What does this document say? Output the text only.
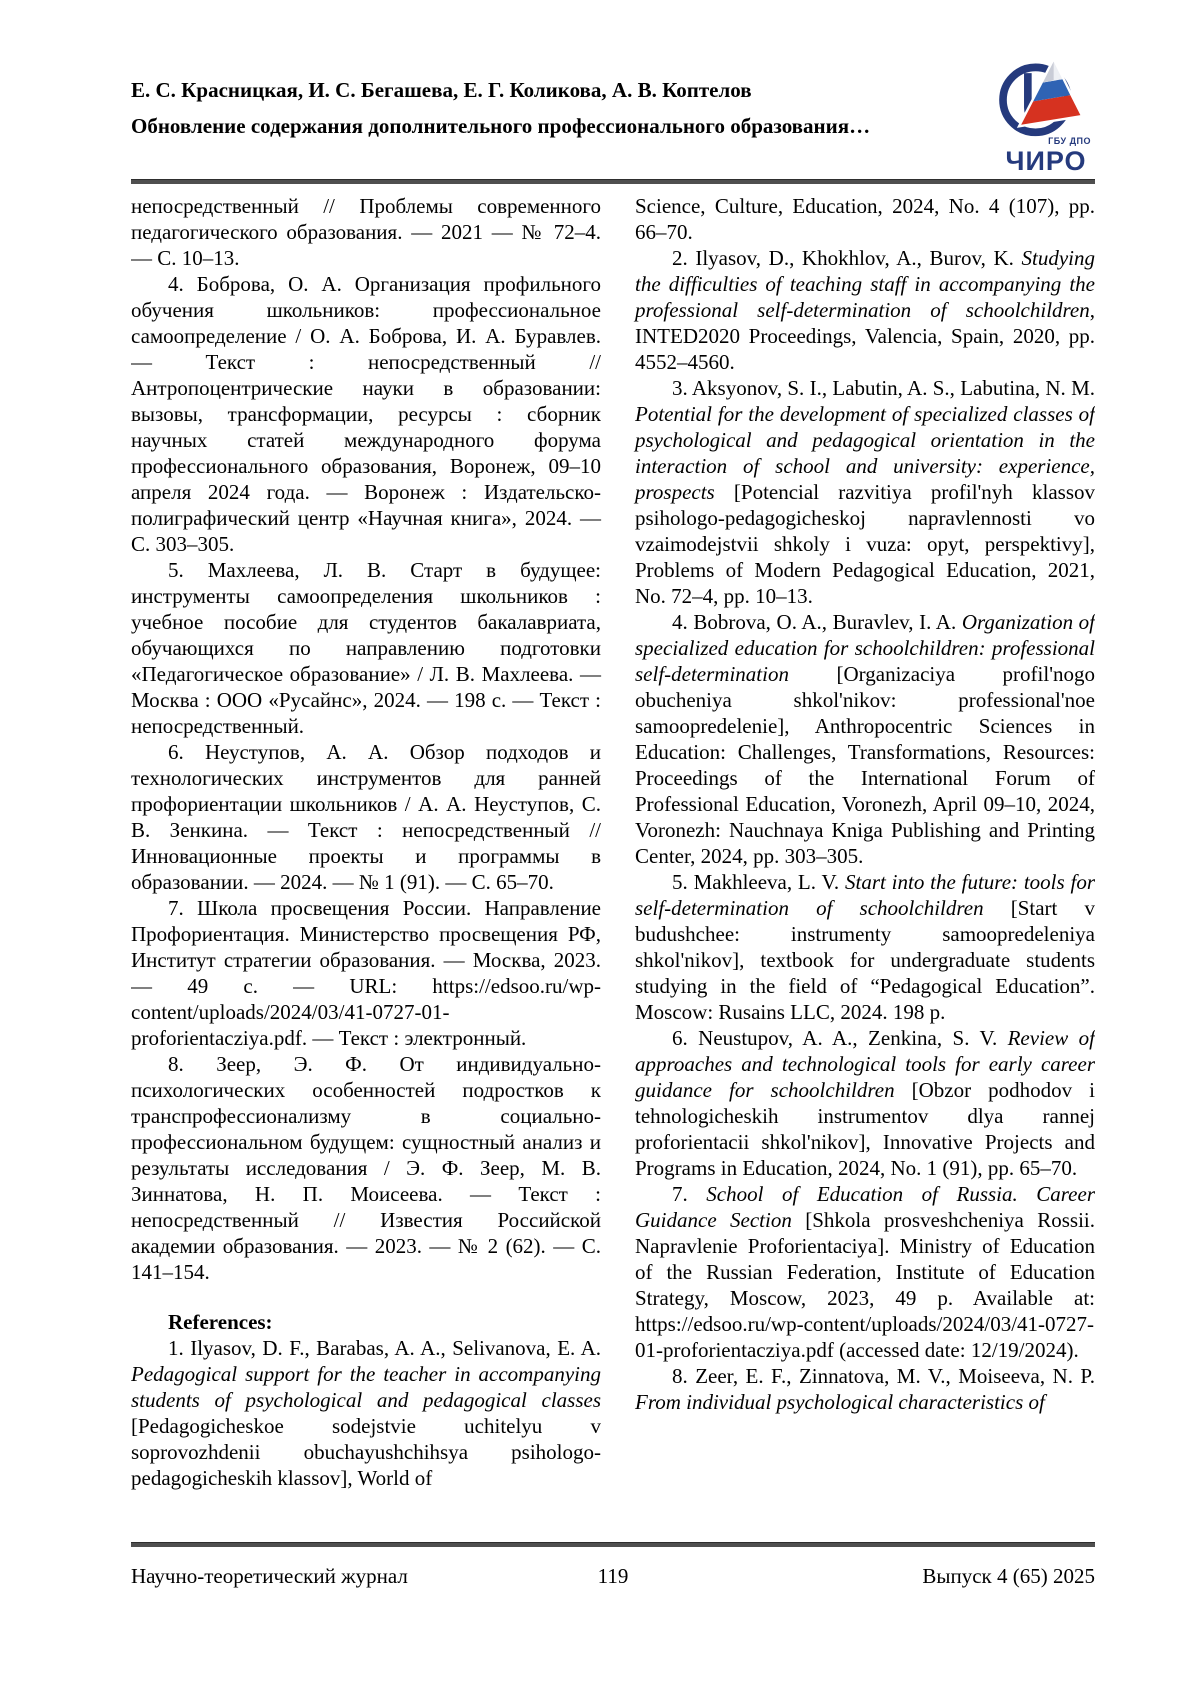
Е. С. Красницкая, И. С. Бегашева, Е. Г. Коликова, А. В. Коптелов
Обновление содержания дополнительного профессионального образования…
ГБУ ДПО
ЧИРО

непосредственный // Проблемы современного педагогического образования. — 2021 — № 72–4. — С. 10–13.

4. Боброва, О. А. Организация профильного обучения школьников: профессиональное самоопределение / О. А. Боброва, И. А. Буравлев. — Текст : непосредственный // Антропоцентрические науки в образовании: вызовы, трансформации, ресурсы : сборник научных статей международного форума профессионального образования, Воронеж, 09–10 апреля 2024 года. — Воронеж : Издательско-полиграфический центр «Научная книга», 2024. — С. 303–305.

5. Махлеева, Л. В. Старт в будущее: инструменты самоопределения школьников : учебное пособие для студентов бакалавриата, обучающихся по направлению подготовки «Педагогическое образование» / Л. В. Махлеева. — Москва : ООО «Русайнс», 2024. — 198 с. — Текст : непосредственный.

6. Неуступов, А. А. Обзор подходов и технологических инструментов для ранней профориентации школьников / А. А. Неуступов, С. В. Зенкина. — Текст : непосредственный // Инновационные проекты и программы в образовании. — 2024. — № 1 (91). — С. 65–70.

7. Школа просвещения России. Направление Профориентация. Министерство просвещения РФ, Институт стратегии образования. — Москва, 2023. — 49 с. — URL: https://edsoo.ru/wp-content/uploads/2024/03/41-0727-01-proforientacziya.pdf. — Текст : электронный.

8. Зеер, Э. Ф. От индивидуально-психологических особенностей подростков к транспрофессионализму в социально-профессиональном будущем: сущностный анализ и результаты исследования / Э. Ф. Зеер, М. В. Зиннатова, Н. П. Моисеева. — Текст : непосредственный // Известия Российской академии образования. — 2023. — № 2 (62). — С. 141–154.

References:

1. Ilyasov, D. F., Barabas, A. A., Selivanova, E. A. Pedagogical support for the teacher in accompanying students of psychological and pedagogical classes [Pedagogicheskoe sodejstvie uchitelyu v soprovozhdenii obuchayushchihsya psihologo-pedagogicheskih klassov], World of

Science, Culture, Education, 2024, No. 4 (107), pp. 66–70.

2. Ilyasov, D., Khokhlov, A., Burov, K. Studying the difficulties of teaching staff in accompanying the professional self-determination of schoolchildren, INTED2020 Proceedings, Valencia, Spain, 2020, pp. 4552–4560.

3. Aksyonov, S. I., Labutin, A. S., Labutina, N. M. Potential for the development of specialized classes of psychological and pedagogical orientation in the interaction of school and university: experience, prospects [Potencial razvitiya profil'nyh klassov psihologo-pedagogicheskoj napravlennosti vo vzaimodejstvii shkoly i vuza: opyt, perspektivy], Problems of Modern Pedagogical Education, 2021, No. 72–4, pp. 10–13.

4. Bobrova, O. A., Buravlev, I. A. Organization of specialized education for schoolchildren: professional self-determination [Organizaciya profil'nogo obucheniya shkol'nikov: professional'noe samoopredelenie], Anthropocentric Sciences in Education: Challenges, Transformations, Resources: Proceedings of the International Forum of Professional Education, Voronezh, April 09–10, 2024, Voronezh: Nauchnaya Kniga Publishing and Printing Center, 2024, pp. 303–305.

5. Makhleeva, L. V. Start into the future: tools for self-determination of schoolchildren [Start v budushchee: instrumenty samoopredeleniya shkol'nikov], textbook for undergraduate students studying in the field of “Pedagogical Education”. Moscow: Rusains LLC, 2024. 198 p.

6. Neustupov, A. A., Zenkina, S. V. Review of approaches and technological tools for early career guidance for schoolchildren [Obzor podhodov i tehnologicheskih instrumentov dlya rannej proforientacii shkol'nikov], Innovative Projects and Programs in Education, 2024, No. 1 (91), pp. 65–70.

7. School of Education of Russia. Career Guidance Section [Shkola prosveshcheniya Rossii. Napravlenie Proforientaciya]. Ministry of Education of the Russian Federation, Institute of Education Strategy, Moscow, 2023, 49 p. Available at: https://edsoo.ru/wp-content/uploads/2024/03/41-0727-01-proforientacziya.pdf (accessed date: 12/19/2024).

8. Zeer, E. F., Zinnatova, M. V., Moiseeva, N. P. From individual psychological characteristics of

Научно-теоретический журнал	119	Выпуск 4 (65) 2025
